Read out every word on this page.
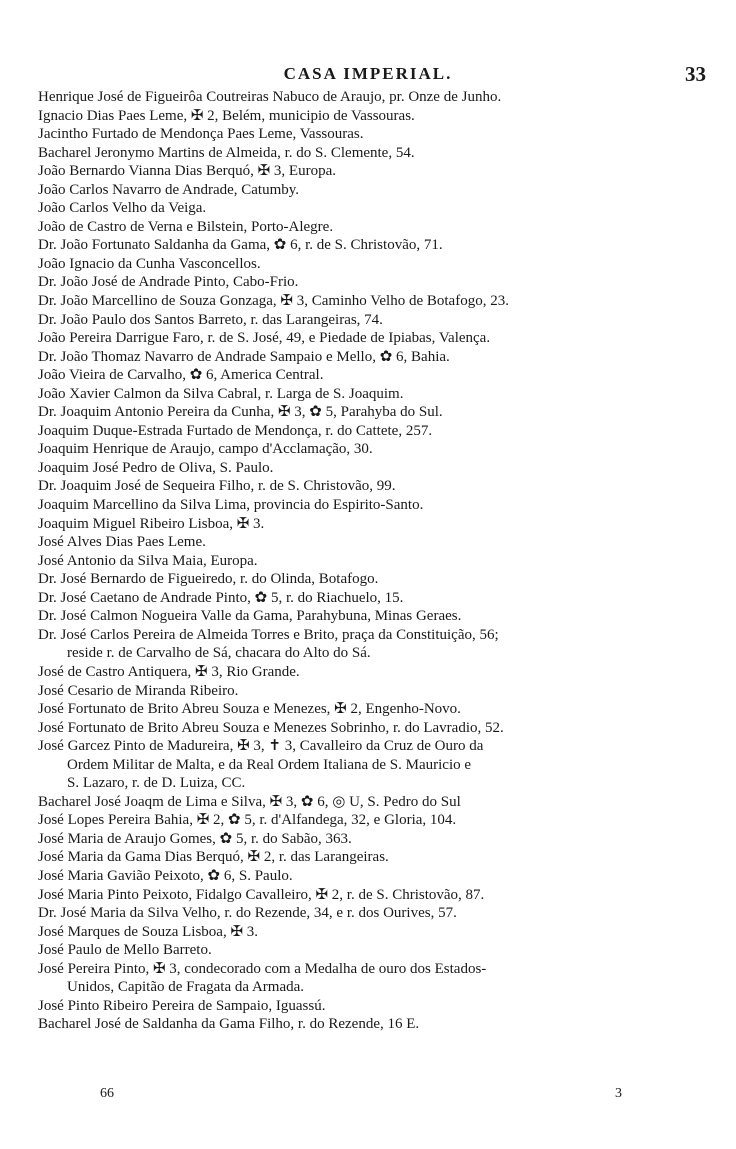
CASA IMPERIAL.	33
Henrique José de Figueirôa Coutreiras Nabuco de Araujo, pr. Onze de Junho.
Ignacio Dias Paes Leme, ✠ 2, Belém, municipio de Vassouras.
Jacintho Furtado de Mendonça Paes Leme, Vassouras.
Bacharel Jeronymo Martins de Almeida, r. do S. Clemente, 54.
João Bernardo Vianna Dias Berquó, ✠ 3, Europa.
João Carlos Navarro de Andrade, Catumby.
João Carlos Velho da Veiga.
João de Castro de Verna e Bilstein, Porto-Alegre.
Dr. João Fortunato Saldanha da Gama, ✿ 6, r. de S. Christovão, 71.
João Ignacio da Cunha Vasconcellos.
Dr. João José de Andrade Pinto, Cabo-Frio.
Dr. João Marcellino de Souza Gonzaga, ✠ 3, Caminho Velho de Botafogo, 23.
Dr. João Paulo dos Santos Barreto, r. das Larangeiras, 74.
João Pereira Darrigue Faro, r. de S. José, 49, e Piedade de Ipiabas, Valença.
Dr. João Thomaz Navarro de Andrade Sampaio e Mello, ✿ 6, Bahia.
João Vieira de Carvalho, ✿ 6, America Central.
João Xavier Calmon da Silva Cabral, r. Larga de S. Joaquim.
Dr. Joaquim Antonio Pereira da Cunha, ✠ 3, ✿ 5, Parahyba do Sul.
Joaquim Duque-Estrada Furtado de Mendonça, r. do Cattete, 257.
Joaquim Henrique de Araujo, campo d'Acclamação, 30.
Joaquim José Pedro de Oliva, S. Paulo.
Dr. Joaquim José de Sequeira Filho, r. de S. Christovão, 99.
Joaquim Marcellino da Silva Lima, provincia do Espirito-Santo.
Joaquim Miguel Ribeiro Lisboa, ✠ 3.
José Alves Dias Paes Leme.
José Antonio da Silva Maia, Europa.
Dr. José Bernardo de Figueiredo, r. do Olinda, Botafogo.
Dr. José Caetano de Andrade Pinto, ✿ 5, r. do Riachuelo, 15.
Dr. José Calmon Nogueira Valle da Gama, Parahybuna, Minas Geraes.
Dr. José Carlos Pereira de Almeida Torres e Brito, praça da Constituição, 56;
reside r. de Carvalho de Sá, chacara do Alto do Sá.
José de Castro Antiquera, ✠ 3, Rio Grande.
José Cesario de Miranda Ribeiro.
José Fortunato de Brito Abreu Souza e Menezes, ✠ 2, Engenho-Novo.
José Fortunato de Brito Abreu Souza e Menezes Sobrinho, r. do Lavradio, 52.
José Garcez Pinto de Madureira, ✠ 3, ✝ 3, Cavalleiro da Cruz de Ouro da
Ordem Militar de Malta, e da Real Ordem Italiana de S. Mauricio e
S. Lazaro, r. de D. Luiza, CC.
Bacharel José Joaqm de Lima e Silva, ✠ 3, ✿ 6, ◎ U, S. Pedro do Sul
José Lopes Pereira Bahia, ✠ 2, ✿ 5, r. d'Alfandega, 32, e Gloria, 104.
José Maria de Araujo Gomes, ✿ 5, r. do Sabão, 363.
José Maria da Gama Dias Berquó, ✠ 2, r. das Larangeiras.
José Maria Gavião Peixoto, ✿ 6, S. Paulo.
José Maria Pinto Peixoto, Fidalgo Cavalleiro, ✠ 2, r. de S. Christovão, 87.
Dr. José Maria da Silva Velho, r. do Rezende, 34, e r. dos Ourives, 57.
José Marques de Souza Lisboa, ✠ 3.
José Paulo de Mello Barreto.
José Pereira Pinto, ✠ 3, condecorado com a Medalha de ouro dos Estados-
Unidos, Capitão de Fragata da Armada.
José Pinto Ribeiro Pereira de Sampaio, Iguassú.
Bacharel José de Saldanha da Gama Filho, r. do Rezende, 16 E.
66	3
